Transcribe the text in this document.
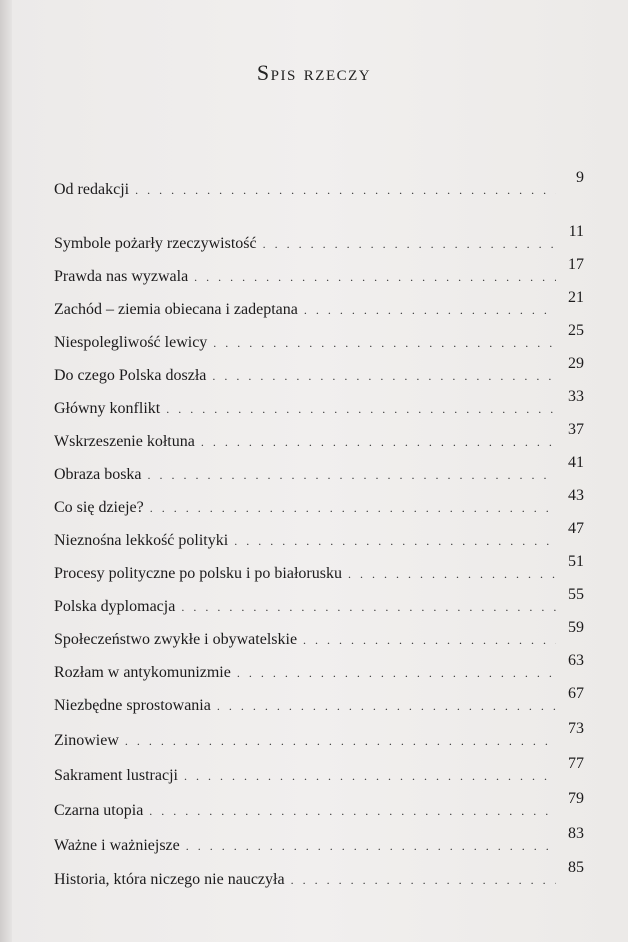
Spis rzeczy
Od redakcji
. . .
9
Symbole pożarły rzeczywistość
. . .
11
Prawda nas wyzwala
. . .
17
Zachód – ziemia obiecana i zadeptana
. . .
21
Niespolegliwość lewicy
. . .
25
Do czego Polska doszła
. . .
29
Główny konflikt
. . .
33
Wskrzeszenie kołtuna
. . .
37
Obraza boska
. . .
41
Co się dzieje?
. . .
43
Nieznośna lekkość polityki
. . .
47
Procesy polityczne po polsku i po białorusku
. . .
51
Polska dyplomacja
. . .
55
Społeczeństwo zwykłe i obywatelskie
. . .
59
Rozłam w antykomunizmie
. . .
63
Niezbędne sprostowania
. . .
67
Zinowiew
. . .
73
Sakrament lustracji
. . .
77
Czarna utopia
. . .
79
Ważne i ważniejsze
. . .
83
Historia, która niczego nie nauczyła
. . .
85
